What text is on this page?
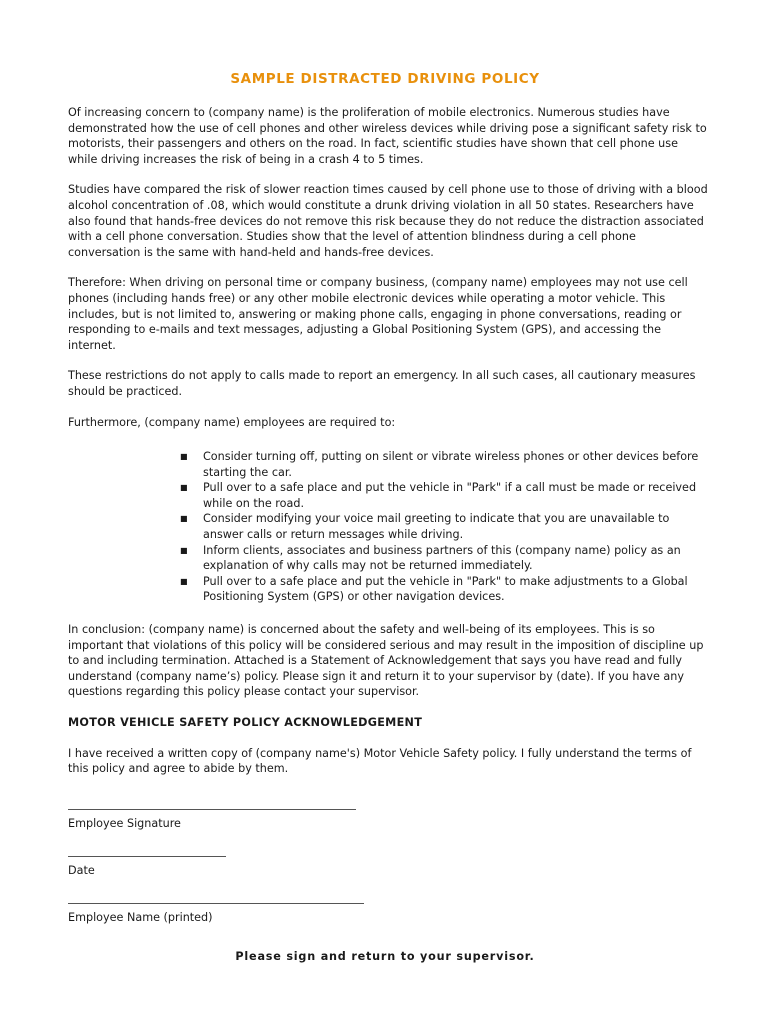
SAMPLE DISTRACTED DRIVING POLICY

Of increasing concern to (company name) is the proliferation of mobile electronics. Numerous studies have demonstrated how the use of cell phones and other wireless devices while driving pose a significant safety risk to motorists, their passengers and others on the road. In fact, scientific studies have shown that cell phone use while driving increases the risk of being in a crash 4 to 5 times.

Studies have compared the risk of slower reaction times caused by cell phone use to those of driving with a blood alcohol concentration of .08, which would constitute a drunk driving violation in all 50 states. Researchers have also found that hands-free devices do not remove this risk because they do not reduce the distraction associated with a cell phone conversation. Studies show that the level of attention blindness during a cell phone conversation is the same with hand-held and hands-free devices.

Therefore: When driving on personal time or company business, (company name) employees may not use cell phones (including hands free) or any other mobile electronic devices while operating a motor vehicle. This includes, but is not limited to, answering or making phone calls, engaging in phone conversations, reading or responding to e-mails and text messages, adjusting a Global Positioning System (GPS), and accessing the internet.

These restrictions do not apply to calls made to report an emergency. In all such cases, all cautionary measures should be practiced.

Furthermore, (company name) employees are required to:

■ Consider turning off, putting on silent or vibrate wireless phones or other devices before starting the car.
■ Pull over to a safe place and put the vehicle in "Park" if a call must be made or received while on the road.
■ Consider modifying your voice mail greeting to indicate that you are unavailable to answer calls or return messages while driving.
■ Inform clients, associates and business partners of this (company name) policy as an explanation of why calls may not be returned immediately.
■ Pull over to a safe place and put the vehicle in "Park" to make adjustments to a Global Positioning System (GPS) or other navigation devices.

In conclusion: (company name) is concerned about the safety and well-being of its employees. This is so important that violations of this policy will be considered serious and may result in the imposition of discipline up to and including termination. Attached is a Statement of Acknowledgement that says you have read and fully understand (company name’s) policy. Please sign it and return it to your supervisor by (date). If you have any questions regarding this policy please contact your supervisor.

MOTOR VEHICLE SAFETY POLICY ACKNOWLEDGEMENT

I have received a written copy of (company name's) Motor Vehicle Safety policy. I fully understand the terms of this policy and agree to abide by them.

Employee Signature
Date
Employee Name (printed)
Please sign and return to your supervisor.
